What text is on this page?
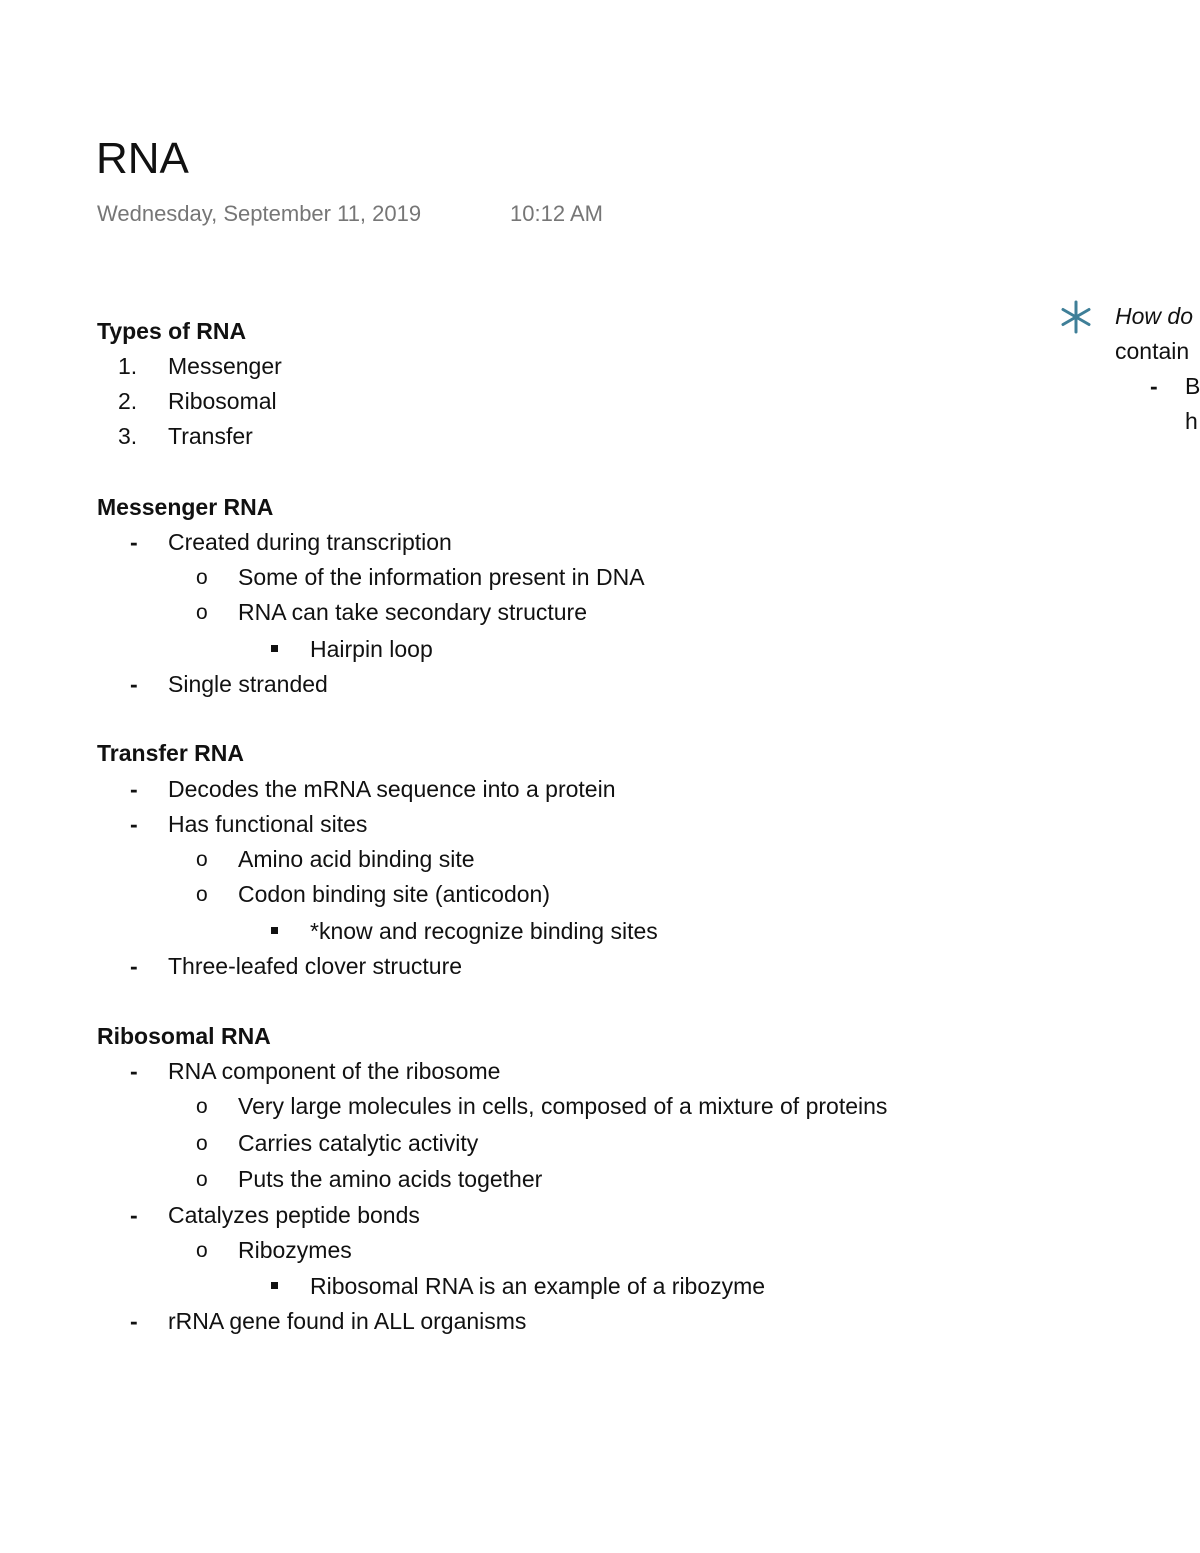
RNA
Wednesday, September 11, 2019	10:12 AM
Types of RNA
1. Messenger
2. Ribosomal
3. Transfer
Messenger RNA
- Created during transcription
o Some of the information present in DNA
o RNA can take secondary structure
Hairpin loop
- Single stranded
Transfer RNA
- Decodes the mRNA sequence into a protein
- Has functional sites
o Amino acid binding site
o Codon binding site (anticodon)
*know and recognize binding sites
- Three-leafed clover structure
Ribosomal RNA
- RNA component of the ribosome
o Very large molecules in cells, composed of a mixture of proteins
o Carries catalytic activity
o Puts the amino acids together
- Catalyzes peptide bonds
o Ribozymes
Ribosomal RNA is an example of a ribozyme
- rRNA gene found in ALL organisms
How do
contain
- B
h
